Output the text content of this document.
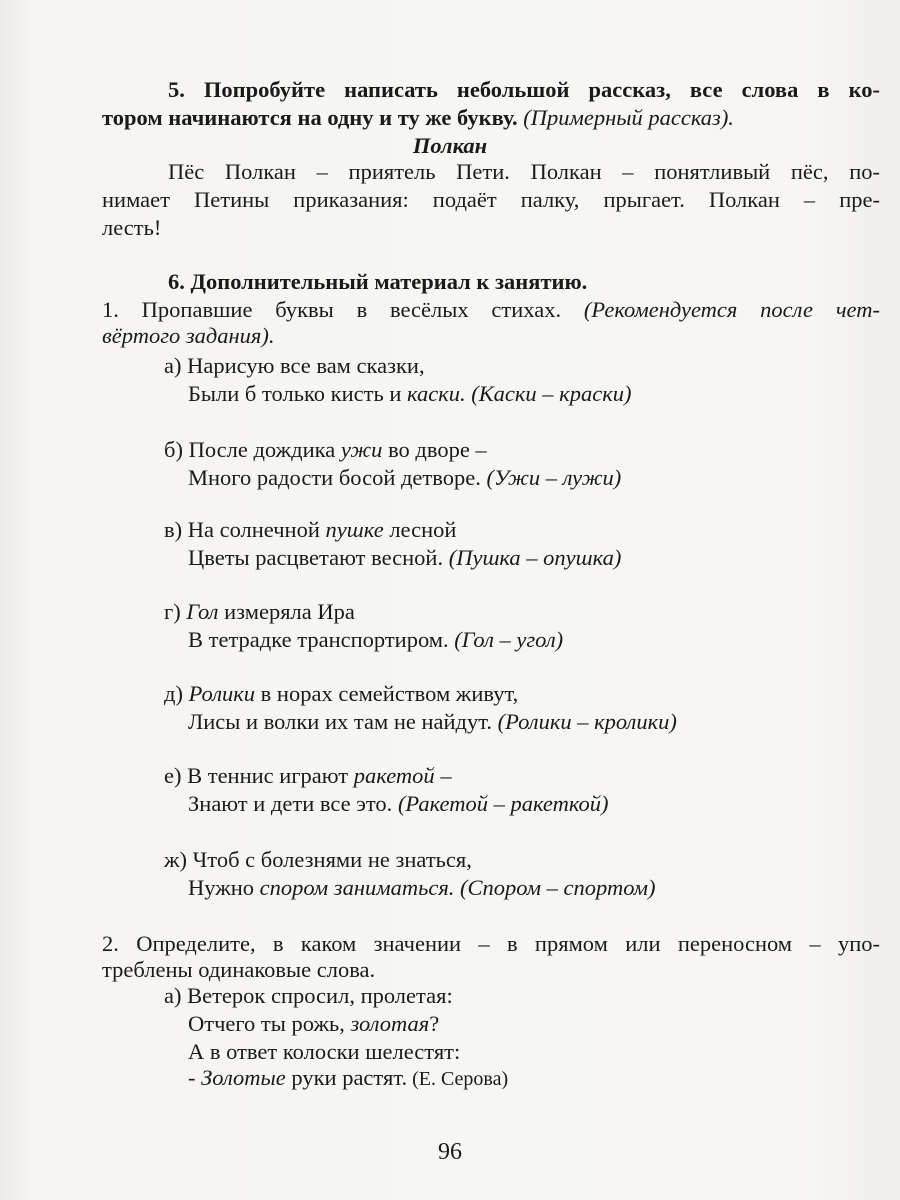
5. Попробуйте написать небольшой рассказ, все слова в ко-
тором начинаются на одну и ту же букву. (Примерный рассказ).
Полкан
Пёс Полкан – приятель Пети. Полкан – понятливый пёс, по-
нимает Петины приказания: подаёт палку, прыгает. Полкан – пре-
лесть!
6. Дополнительный материал к занятию.
1. Пропавшие буквы в весёлых стихах. (Рекомендуется после чет-
вёртого задания).
а) Нарисую все вам сказки,
Были б только кисть и каски. (Каски – краски)
б) После дождика ужи во дворе –
Много радости босой детворе. (Ужи – лужи)
в) На солнечной пушке лесной
Цветы расцветают весной. (Пушка – опушка)
г) Гол измеряла Ира
В тетрадке транспортиром. (Гол – угол)
д) Ролики в норах семейством живут,
Лисы и волки их там не найдут. (Ролики – кролики)
е) В теннис играют ракетой –
Знают и дети все это. (Ракетой – ракеткой)
ж) Чтоб с болезнями не знаться,
Нужно спором заниматься. (Спором – спортом)
2. Определите, в каком значении – в прямом или переносном – упо-
треблены одинаковые слова.
а) Ветерок спросил, пролетая:
Отчего ты рожь, золотая?
А в ответ колоски шелестят:
- Золотые руки растят. (Е. Серова)
96
